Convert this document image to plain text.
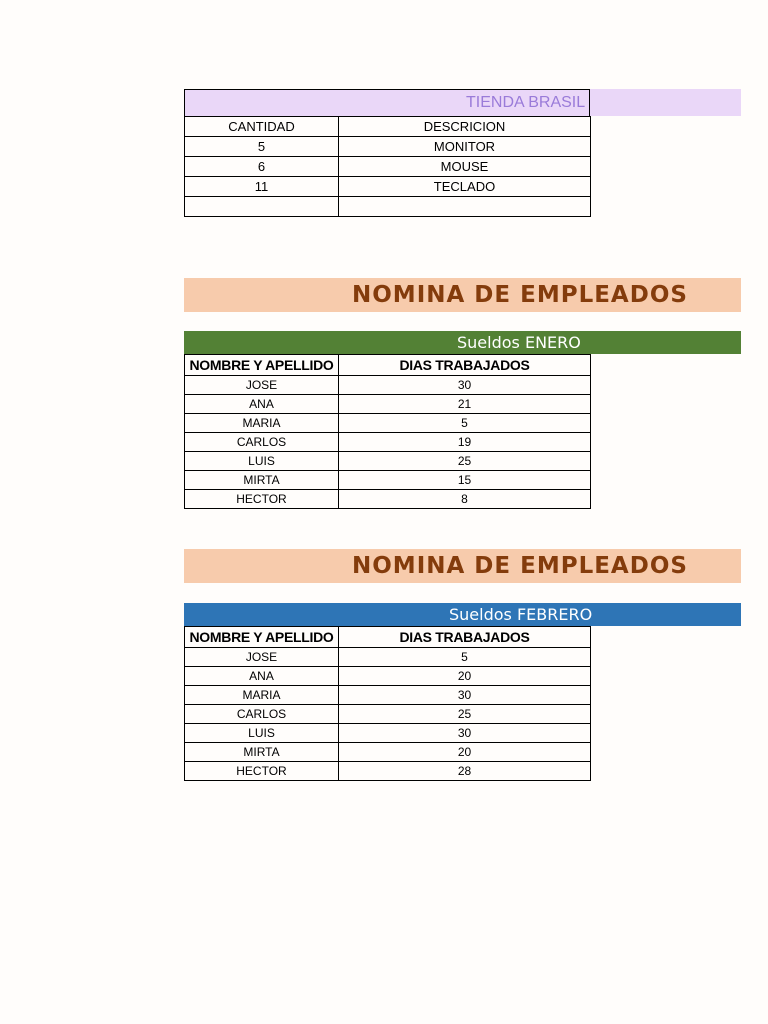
TIENDA BRASIL
CANTIDAD	DESCRICION
5	MONITOR
6	MOUSE
11	TECLADO

NOMINA DE EMPLEADOS
Sueldos ENERO
NOMBRE Y APELLIDO	DIAS TRABAJADOS
JOSE	30
ANA	21
MARIA	5
CARLOS	19
LUIS	25
MIRTA	15
HECTOR	8
NOMINA DE EMPLEADOS
Sueldos FEBRERO
NOMBRE Y APELLIDO	DIAS TRABAJADOS
JOSE	5
ANA	20
MARIA	30
CARLOS	25
LUIS	30
MIRTA	20
HECTOR	28
